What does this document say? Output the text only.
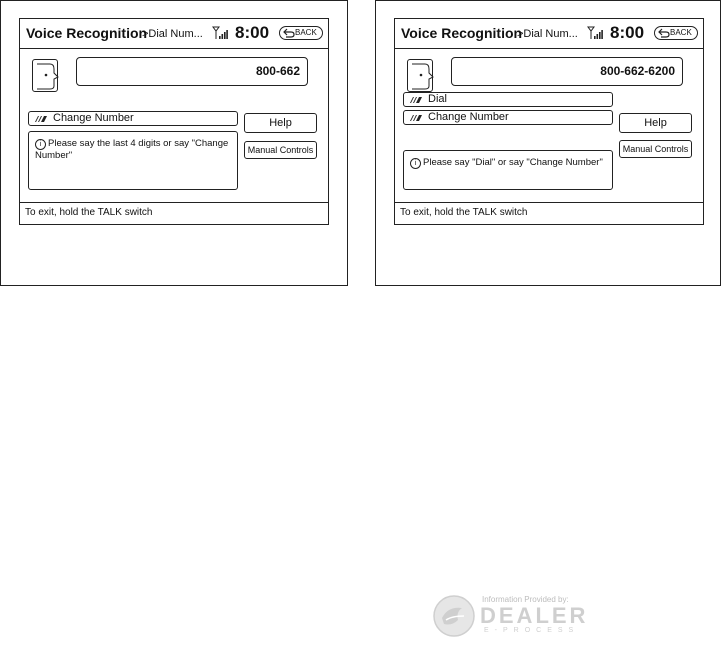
Voice Recognition
>Dial Num... 8:00	BACK
800-662
Change Number
i Please say the last 4 digits or say "Change Number"
Help
Manual Controls
To exit, hold the TALK switch
Voice Recognition
>Dial Num... 8:00	BACK
800-662-6200
Dial
Change Number
i Please say "Dial" or say "Change Number"
Help
Manual Controls
To exit, hold the TALK switch
Information Provided by:
DEALER
E-PROCESS
